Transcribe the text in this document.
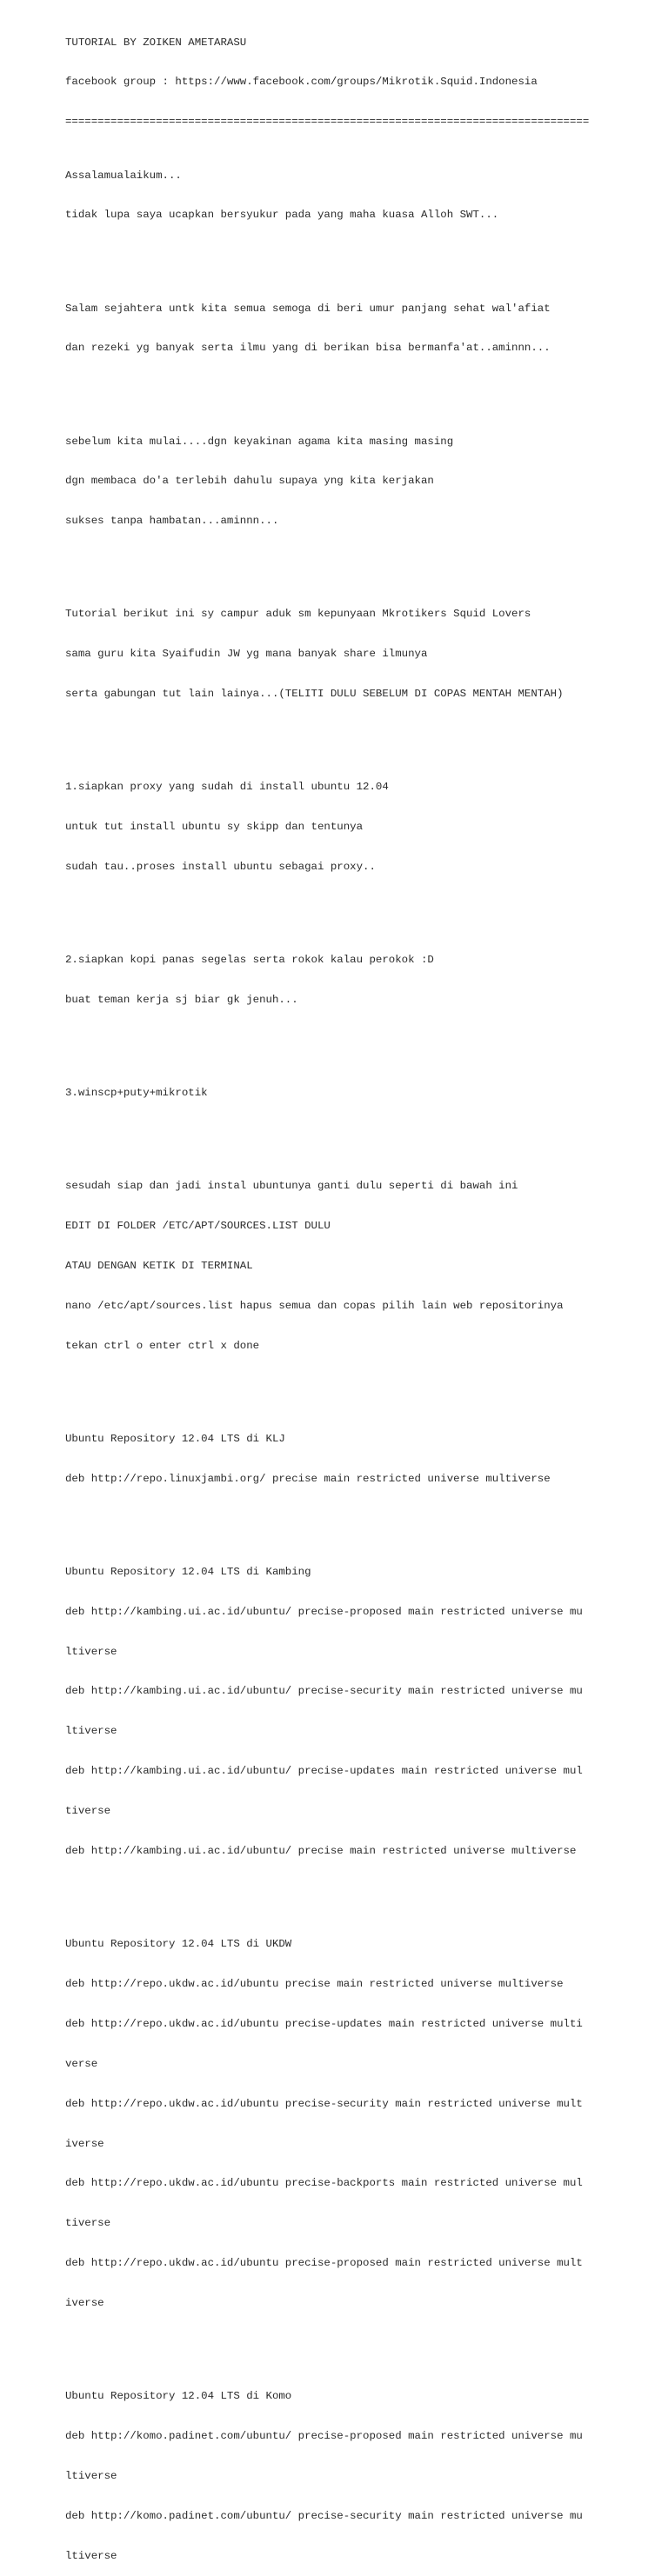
TUTORIAL BY ZOIKEN AMETARASU

facebook group : https://www.facebook.com/groups/Mikrotik.Squid.Indonesia

=================================================================================

Assalamualaikum...

tidak lupa saya ucapkan bersyukur pada yang maha kuasa Alloh SWT...

Salam sejahtera untk kita semua semoga di beri umur panjang sehat wal'afiat

dan rezeki yg banyak serta ilmu yang di berikan bisa bermanfa'at..aminnn...

sebelum kita mulai....dgn keyakinan agama kita masing masing

dgn membaca do'a terlebih dahulu supaya yng kita kerjakan

sukses tanpa hambatan...aminnn...

Tutorial berikut ini sy campur aduk sm kepunyaan Mkrotikers Squid Lovers

sama guru kita Syaifudin JW yg mana banyak share ilmunya

serta gabungan tut lain lainya...(TELITI DULU SEBELUM DI COPAS MENTAH MENTAH)

1.siapkan proxy yang sudah di install ubuntu 12.04

untuk tut install ubuntu sy skipp dan tentunya

sudah tau..proses install ubuntu sebagai proxy..

2.siapkan kopi panas segelas serta rokok kalau perokok :D

buat teman kerja sj biar gk jenuh...

3.winscp+puty+mikrotik

sesudah siap dan jadi instal ubuntunya ganti dulu seperti di bawah ini

EDIT DI FOLDER /ETC/APT/SOURCES.LIST DULU

ATAU DENGAN KETIK DI TERMINAL

nano /etc/apt/sources.list hapus semua dan copas pilih lain web repositorinya

tekan ctrl o enter ctrl x done

Ubuntu Repository 12.04 LTS di KLJ

deb http://repo.linuxjambi.org/ precise main restricted universe multiverse

Ubuntu Repository 12.04 LTS di Kambing

deb http://kambing.ui.ac.id/ubuntu/ precise-proposed main restricted universe mu

ltiverse

deb http://kambing.ui.ac.id/ubuntu/ precise-security main restricted universe mu

ltiverse

deb http://kambing.ui.ac.id/ubuntu/ precise-updates main restricted universe mul

tiverse

deb http://kambing.ui.ac.id/ubuntu/ precise main restricted universe multiverse

Ubuntu Repository 12.04 LTS di UKDW

deb http://repo.ukdw.ac.id/ubuntu precise main restricted universe multiverse

deb http://repo.ukdw.ac.id/ubuntu precise-updates main restricted universe multi

verse

deb http://repo.ukdw.ac.id/ubuntu precise-security main restricted universe mult

iverse

deb http://repo.ukdw.ac.id/ubuntu precise-backports main restricted universe mul

tiverse

deb http://repo.ukdw.ac.id/ubuntu precise-proposed main restricted universe mult

iverse

Ubuntu Repository 12.04 LTS di Komo

deb http://komo.padinet.com/ubuntu/ precise-proposed main restricted universe mu

ltiverse

deb http://komo.padinet.com/ubuntu/ precise-security main restricted universe mu

ltiverse
